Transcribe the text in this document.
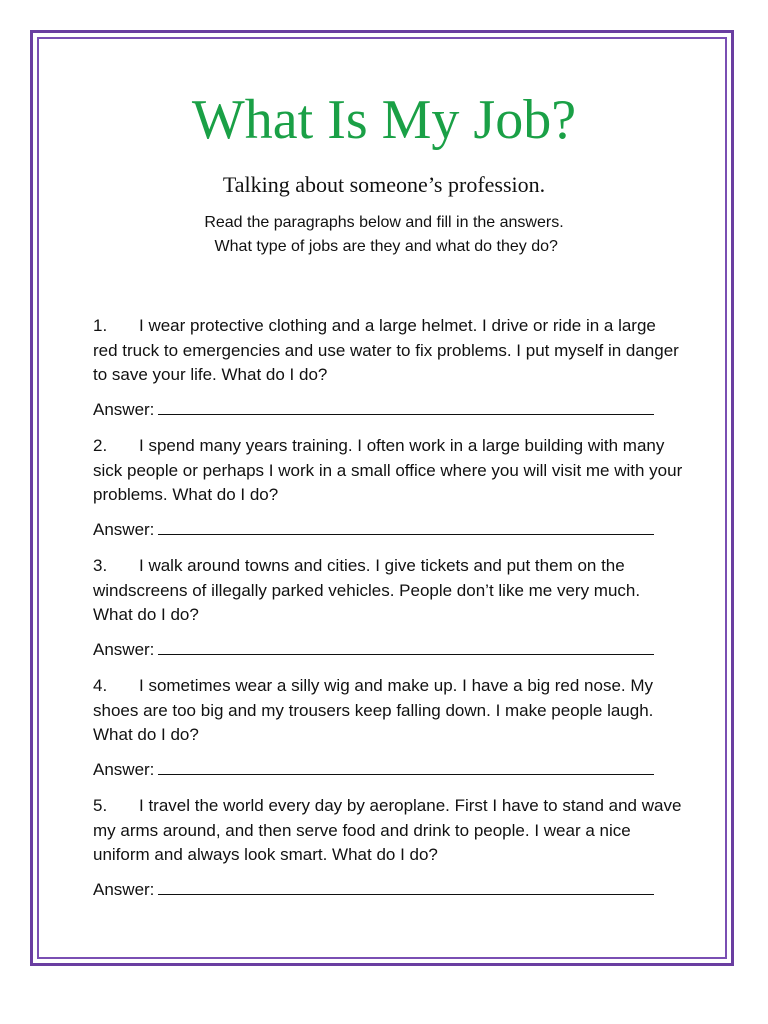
What Is My Job?
Talking about someone’s profession.
Read the paragraphs below and fill in the answers.
What type of jobs are they and what do they do?

1. I wear protective clothing and a large helmet. I drive or ride in a large red truck to emergencies and use water to fix problems. I put myself in danger to save your life. What do I do?

Answer:

2. I spend many years training. I often work in a large building with many sick people or perhaps I work in a small office where you will visit me with your problems. What do I do?

Answer:

3. I walk around towns and cities. I give tickets and put them on the windscreens of illegally parked vehicles. People don’t like me very much. What do I do?

Answer:

4. I sometimes wear a silly wig and make up. I have a big red nose. My shoes are too big and my trousers keep falling down. I make people laugh. What do I do?

Answer:

5. I travel the world every day by aeroplane. First I have to stand and wave my arms around, and then serve food and drink to people. I wear a nice uniform and always look smart. What do I do?

Answer:
